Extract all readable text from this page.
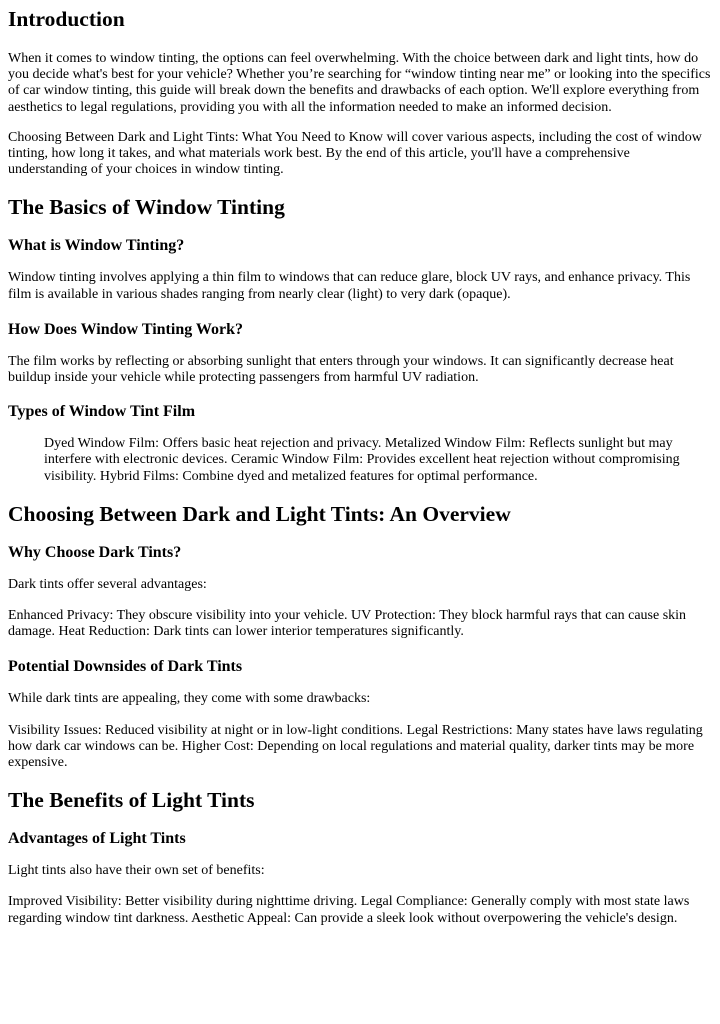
Introduction

When it comes to window tinting, the options can feel overwhelming. With the choice between dark and light tints, how do you decide what's best for your vehicle? Whether you’re searching for “window tinting near me” or looking into the specifics of car window tinting, this guide will break down the benefits and drawbacks of each option. We'll explore everything from aesthetics to legal regulations, providing you with all the information needed to make an informed decision.

Choosing Between Dark and Light Tints: What You Need to Know will cover various aspects, including the cost of window tinting, how long it takes, and what materials work best. By the end of this article, you'll have a comprehensive understanding of your choices in window tinting.

The Basics of Window Tinting
What is Window Tinting?

Window tinting involves applying a thin film to windows that can reduce glare, block UV rays, and enhance privacy. This film is available in various shades ranging from nearly clear (light) to very dark (opaque).

How Does Window Tinting Work?

The film works by reflecting or absorbing sunlight that enters through your windows. It can significantly decrease heat buildup inside your vehicle while protecting passengers from harmful UV radiation.

Types of Window Tint Film
Dyed Window Film: Offers basic heat rejection and privacy. Metalized Window Film: Reflects sunlight but may interfere with electronic devices. Ceramic Window Film: Provides excellent heat rejection without compromising visibility. Hybrid Films: Combine dyed and metalized features for optimal performance.
Choosing Between Dark and Light Tints: An Overview
Why Choose Dark Tints?

Dark tints offer several advantages:

Enhanced Privacy: They obscure visibility into your vehicle. UV Protection: They block harmful rays that can cause skin damage. Heat Reduction: Dark tints can lower interior temperatures significantly.

Potential Downsides of Dark Tints

While dark tints are appealing, they come with some drawbacks:

Visibility Issues: Reduced visibility at night or in low-light conditions. Legal Restrictions: Many states have laws regulating how dark car windows can be. Higher Cost: Depending on local regulations and material quality, darker tints may be more expensive.

The Benefits of Light Tints
Advantages of Light Tints

Light tints also have their own set of benefits:

Improved Visibility: Better visibility during nighttime driving. Legal Compliance: Generally comply with most state laws regarding window tint darkness. Aesthetic Appeal: Can provide a sleek look without overpowering the vehicle's design.
